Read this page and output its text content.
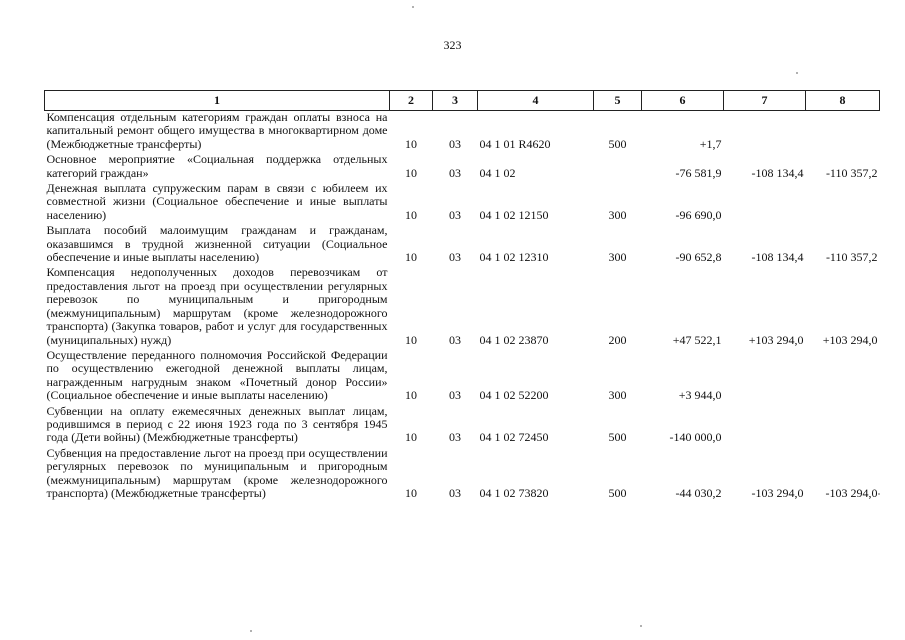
323
1	2	3	4	5	6	7	8
Компенсация отдельным категориям граждан оплаты взноса на капитальный ремонт общего имущества в многоквартирном доме (Межбюджетные трансферты)	10	03	04 1 01 R4620	500	+1,7		
Основное мероприятие «Социальная поддержка отдельных категорий граждан»	10	03	04 1 02		-76 581,9	-108 134,4	-110 357,2
Денежная выплата супружеским парам в связи с юбилеем их совместной жизни (Социальное обеспечение и иные выплаты населению)	10	03	04 1 02 12150	300	-96 690,0		
Выплата пособий малоимущим гражданам и гражданам, оказавшимся в трудной жизненной ситуации (Социальное обеспечение и иные выплаты населению)	10	03	04 1 02 12310	300	-90 652,8	-108 134,4	-110 357,2
Компенсация недополученных доходов перевозчикам от предоставления льгот на проезд при осуществлении регулярных перевозок по муниципальным и пригородным (межмуниципальным) маршрутам (кроме железнодорожного транспорта) (Закупка товаров, работ и услуг для государственных (муниципальных) нужд)	10	03	04 1 02 23870	200	+47 522,1	+103 294,0	+103 294,0
Осуществление переданного полномочия Российской Федерации по осуществлению ежегодной денежной выплаты лицам, награжденным нагрудным знаком «Почетный донор России» (Социальное обеспечение и иные выплаты населению)	10	03	04 1 02 52200	300	+3 944,0		
Субвенции на оплату ежемесячных денежных выплат лицам, родившимся в период с 22 июня 1923 года по 3 сентября 1945 года (Дети войны) (Межбюджетные трансферты)	10	03	04 1 02 72450	500	-140 000,0		
Субвенция на предоставление льгот на проезд при осуществлении регулярных перевозок по муниципальным и пригородным (межмуниципальным) маршрутам (кроме железнодорожного транспорта) (Межбюджетные трансферты)	10	03	04 1 02 73820	500	-44 030,2	-103 294,0	-103 294,0
